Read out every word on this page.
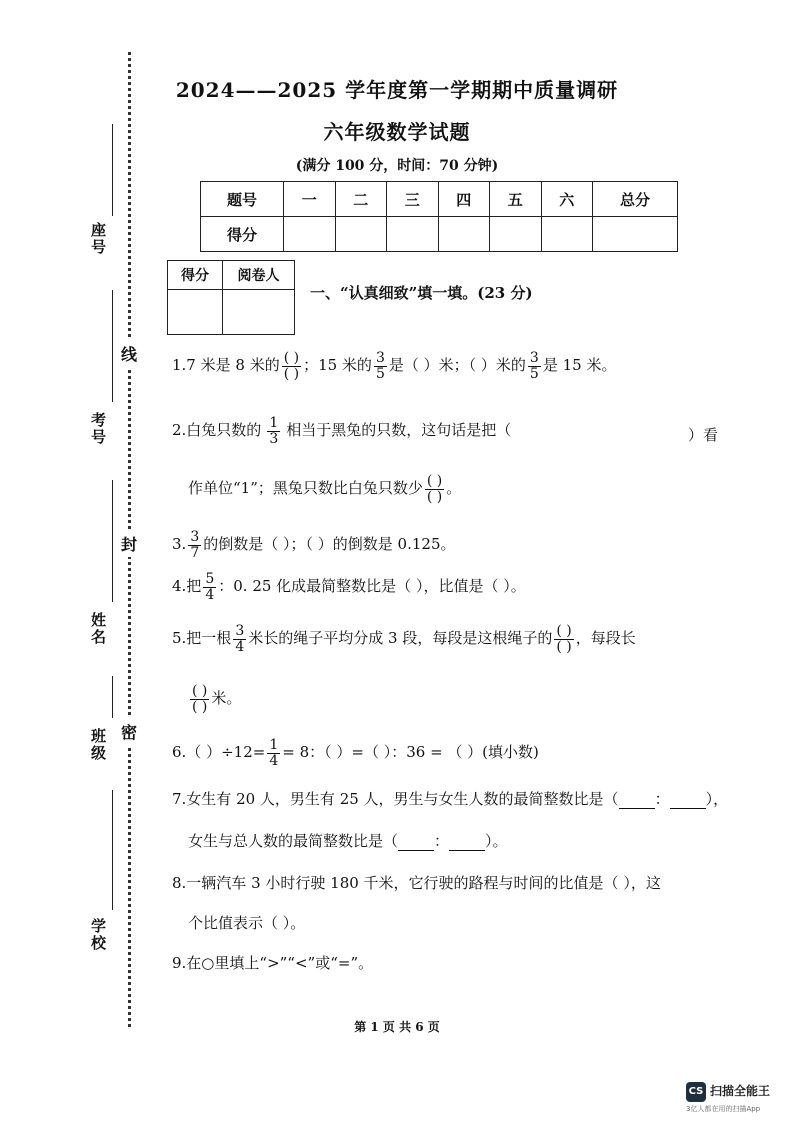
2024——2025 学年度第一学期期中质量调研
六年级数学试题
(满分 100 分，时间：70 分钟)
座号
考号
姓名
班级
学校
线
封
密
题号	一	二	三	四	五	六	总分
得分							
得分	阅卷人

一、“认真细致”填一填。(23 分)
1.7 米是 8 米的 $\frac{( )}{( )}$ ；15 米的 $\frac{3}{5}$ 是（ ）米；（ ）米的 $\frac{3}{5}$ 是 15 米。
2.白兔只数的 $\frac{1}{3}$ 相当于黑兔的只数，这句话是把（	）看
作单位“1”；黑兔只数比白兔只数少 $\frac{( )}{( )}$ 。
3. $\frac{3}{7}$ 的倒数是（ ）；（ ）的倒数是 0.125。
4.把 $\frac{5}{4}$ ：0. 25 化成最简整数比是（ ），比值是（ ）。
5.把一根 $\frac{3}{4}$ 米长的绳子平均分成 3 段，每段是这根绳子的 $\frac{( )}{( )}$ ，每段长
$\frac{( )}{( )}$ 米。
6.（ ）$\div 12= \frac{1}{4} = 8$：（ ）=（ ）：36 = （ ）(填小数)
7.女生有 20 人，男生有 25 人，男生与女生人数的最简整数比是（ ： ），
女生与总人数的最简整数比是（ ： ）。
8.一辆汽车 3 小时行驶 180 千米，它行驶的路程与时间的比值是（ ），这
个比值表示（ ）。
9.在○里填上“>”“<”或“=”。
第 1 页 共 6 页
CS 扫描全能王
3亿人都在用的扫描App
